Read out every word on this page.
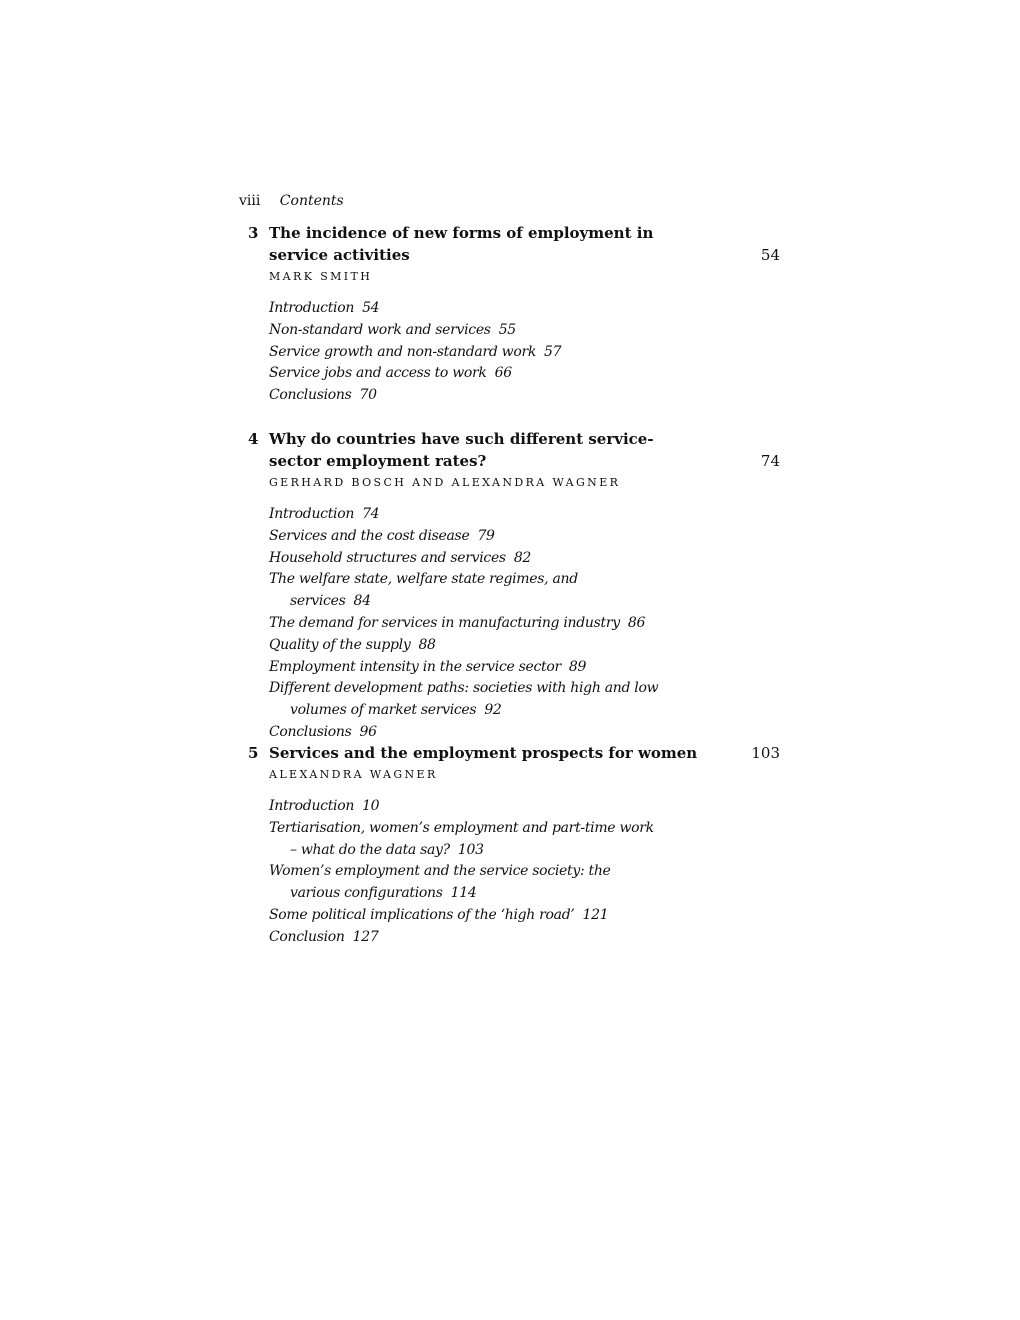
viii Contents
3 The incidence of new forms of employment in service activities	54
MARK SMITH
Introduction 54
Non-standard work and services 55
Service growth and non-standard work 57
Service jobs and access to work 66
Conclusions 70
4 Why do countries have such different service-sector employment rates?	74
GERHARD BOSCH AND ALEXANDRA WAGNER
Introduction 74
Services and the cost disease 79
Household structures and services 82
The welfare state, welfare state regimes, and services 84
The demand for services in manufacturing industry 86
Quality of the supply 88
Employment intensity in the service sector 89
Different development paths: societies with high and low volumes of market services 92
Conclusions 96
5 Services and the employment prospects for women	103
ALEXANDRA WAGNER
Introduction 10
Tertiarisation, women’s employment and part-time work – what do the data say? 103
Women’s employment and the service society: the various configurations 114
Some political implications of the ‘high road’ 121
Conclusion 127
